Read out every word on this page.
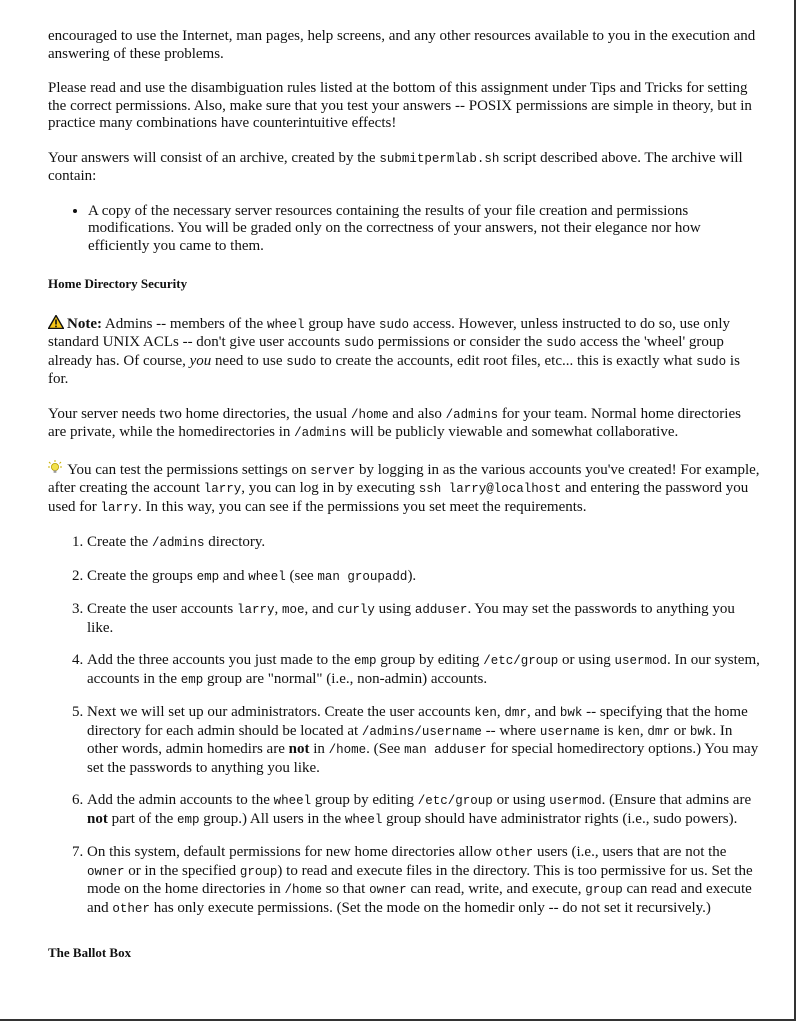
encouraged to use the Internet, man pages, help screens, and any other resources available to you in the execution and answering of these problems.

Please read and use the disambiguation rules listed at the bottom of this assignment under Tips and Tricks for setting the correct permissions. Also, make sure that you test your answers -- POSIX permissions are simple in theory, but in practice many combinations have counterintuitive effects!

Your answers will consist of an archive, created by the submitpermlab.sh script described above. The archive will contain:

• A copy of the necessary server resources containing the results of your file creation and permissions modifications. You will be graded only on the correctness of your answers, not their elegance nor how efficiently you came to them.
Home Directory Security

Note: Admins -- members of the wheel group have sudo access. However, unless instructed to do so, use only standard UNIX ACLs -- don't give user accounts sudo permissions or consider the sudo access the 'wheel' group already has. Of course, you need to use sudo to create the accounts, edit root files, etc... this is exactly what sudo is for.

Your server needs two home directories, the usual /home and also /admins for your team. Normal home directories are private, while the homedirectories in /admins will be publicly viewable and somewhat collaborative.

You can test the permissions settings on server by logging in as the various accounts you've created! For example, after creating the account larry, you can log in by executing ssh larry@localhost and entering the password you used for larry. In this way, you can see if the permissions you set meet the requirements.

1. Create the /admins directory.
2. Create the groups emp and wheel (see man groupadd).
3. Create the user accounts larry, moe, and curly using adduser. You may set the passwords to anything you like.
4. Add the three accounts you just made to the emp group by editing /etc/group or using usermod. In our system, accounts in the emp group are "normal" (i.e., non-admin) accounts.
5. Next we will set up our administrators. Create the user accounts ken, dmr, and bwk -- specifying that the home directory for each admin should be located at /admins/username -- where username is ken, dmr or bwk. In other words, admin homedirs are not in /home. (See man adduser for special homedirectory options.) You may set the passwords to anything you like.
6. Add the admin accounts to the wheel group by editing /etc/group or using usermod. (Ensure that admins are not part of the emp group.) All users in the wheel group should have administrator rights (i.e., sudo powers).
7. On this system, default permissions for new home directories allow other users (i.e., users that are not the owner or in the specified group) to read and execute files in the directory. This is too permissive for us. Set the mode on the home directories in /home so that owner can read, write, and execute, group can read and execute and other has only execute permissions. (Set the mode on the homedir only -- do not set it recursively.)
The Ballot Box
